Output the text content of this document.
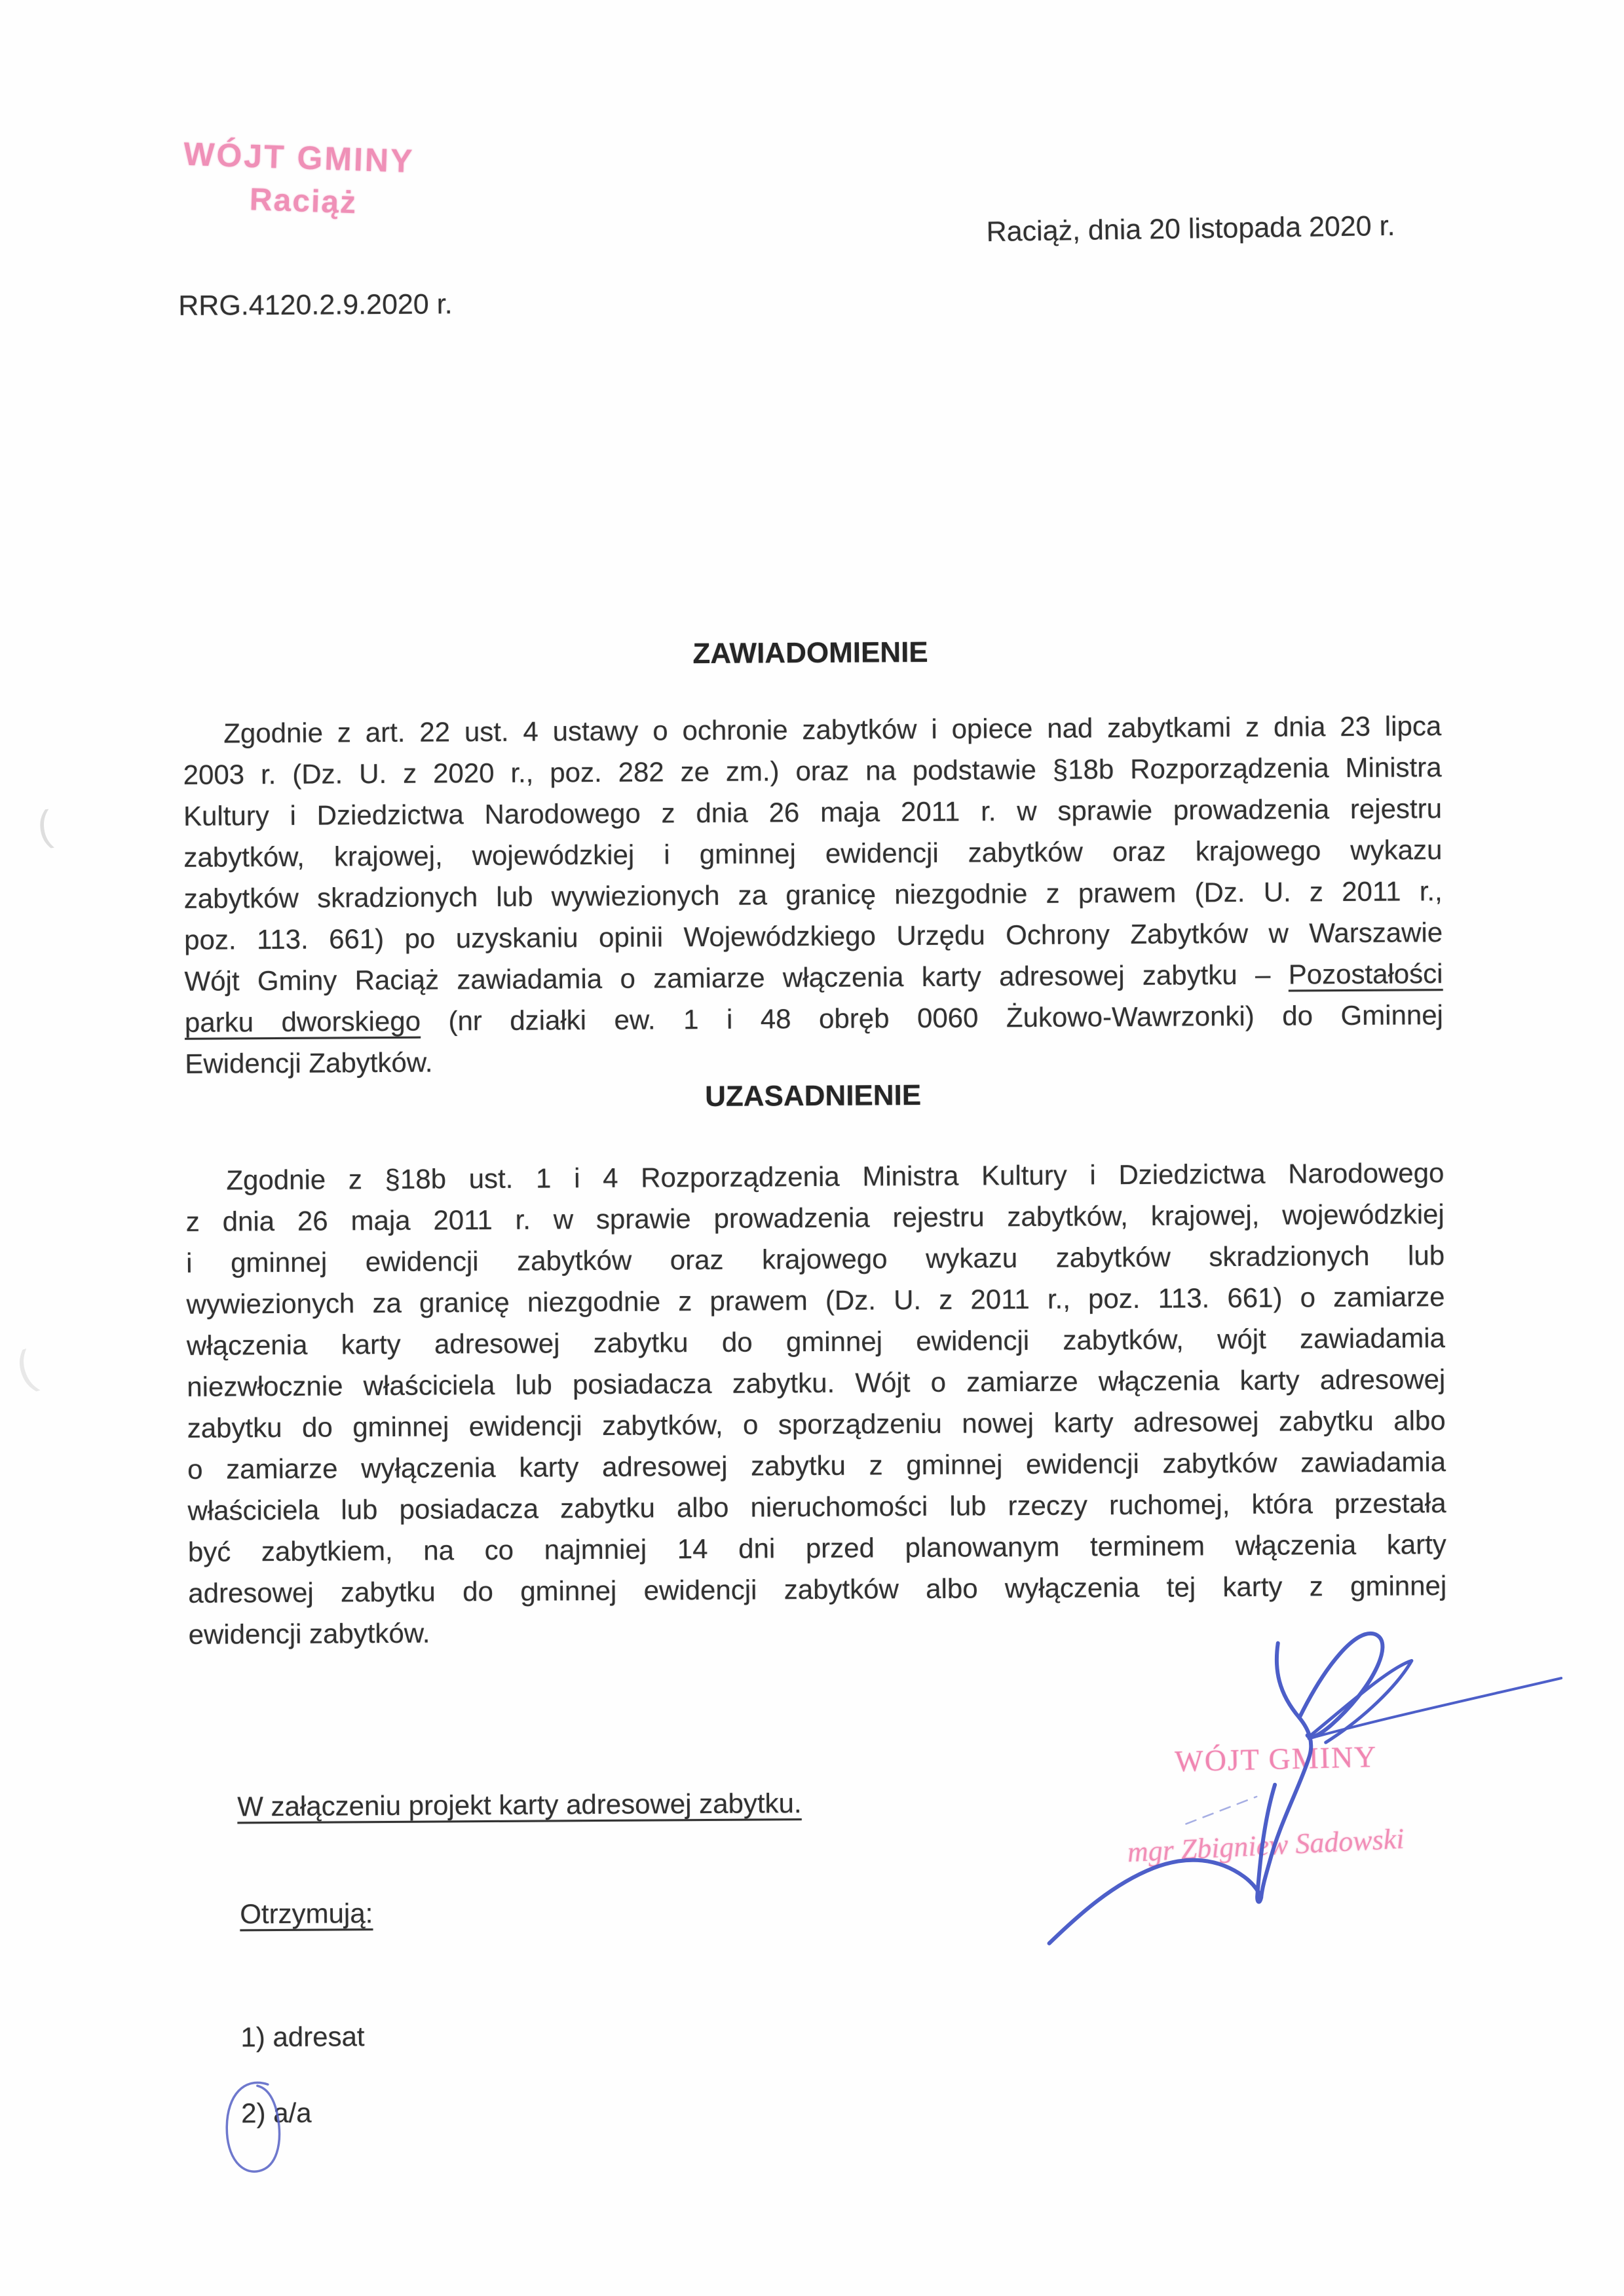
WÓJT GMINY
Raciąż
Raciąż, dnia 20 listopada 2020 r.
RRG.4120.2.9.2020 r.
ZAWIADOMIENIE
Zgodnie z art. 22 ust. 4 ustawy o ochronie zabytków i opiece nad zabytkami z dnia 23 lipca
2003 r. (Dz. U. z 2020 r., poz. 282 ze zm.) oraz na podstawie §18b Rozporządzenia Ministra
Kultury i Dziedzictwa Narodowego z dnia 26 maja 2011 r. w sprawie prowadzenia rejestru
zabytków, krajowej, wojewódzkiej i gminnej ewidencji zabytków oraz krajowego wykazu
zabytków skradzionych lub wywiezionych za granicę niezgodnie z prawem (Dz. U. z 2011 r.,
poz. 113. 661) po uzyskaniu opinii Wojewódzkiego Urzędu Ochrony Zabytków w Warszawie
Wójt Gminy Raciąż zawiadamia o zamiarze włączenia karty adresowej zabytku – Pozostałości
parku dworskiego (nr działki ew. 1 i 48 obręb 0060 Żukowo-Wawrzonki) do Gminnej
Ewidencji Zabytków.
UZASADNIENIE
Zgodnie z §18b ust. 1 i 4 Rozporządzenia Ministra Kultury i Dziedzictwa Narodowego
z dnia 26 maja 2011 r. w sprawie prowadzenia rejestru zabytków, krajowej, wojewódzkiej
i gminnej ewidencji zabytków oraz krajowego wykazu zabytków skradzionych lub
wywiezionych za granicę niezgodnie z prawem (Dz. U. z 2011 r., poz. 113. 661) o zamiarze
włączenia karty adresowej zabytku do gminnej ewidencji zabytków, wójt zawiadamia
niezwłocznie właściciela lub posiadacza zabytku. Wójt o zamiarze włączenia karty adresowej
zabytku do gminnej ewidencji zabytków, o sporządzeniu nowej karty adresowej zabytku albo
o zamiarze wyłączenia karty adresowej zabytku z gminnej ewidencji zabytków zawiadamia
właściciela lub posiadacza zabytku albo nieruchomości lub rzeczy ruchomej, która przestała
być zabytkiem, na co najmniej 14 dni przed planowanym terminem włączenia karty
adresowej zabytku do gminnej ewidencji zabytków albo wyłączenia tej karty z gminnej
ewidencji zabytków.
W załączeniu projekt karty adresowej zabytku.
WÓJT GMINY
mgr Zbigniew Sadowski
Otrzymują:
1) adresat
2) a/a
(
(
